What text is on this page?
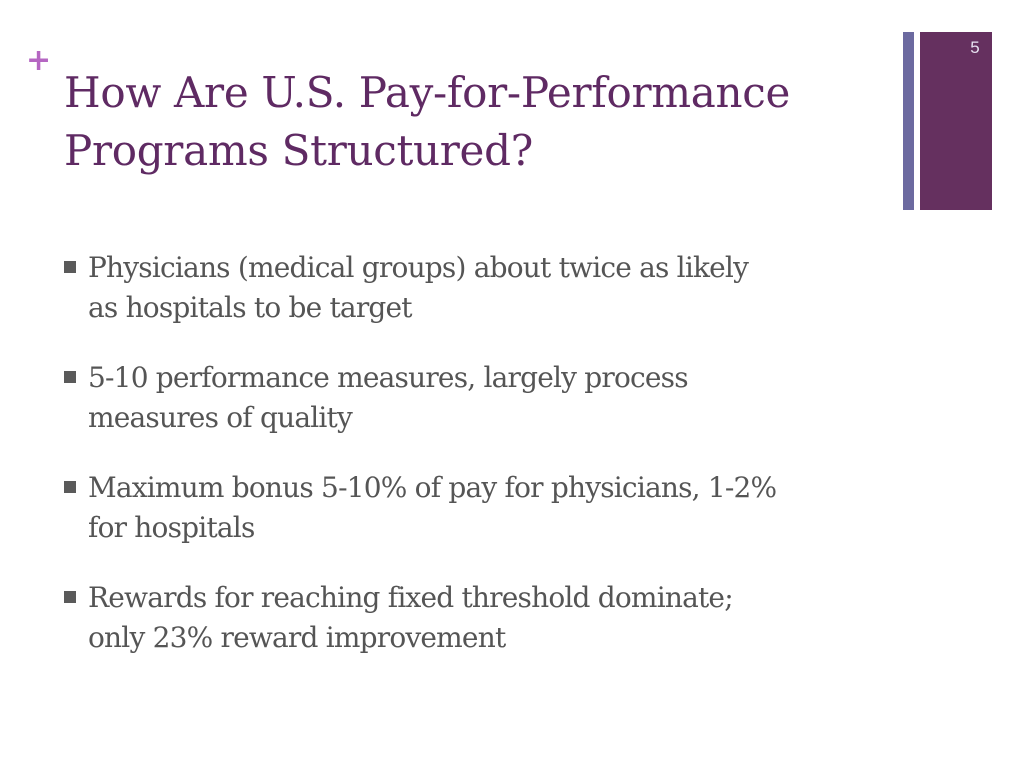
+
How Are U.S. Pay-for-Performance
Programs Structured?
5
Physicians (medical groups) about twice as likely
as hospitals to be target
5-10 performance measures, largely process
measures of quality
Maximum bonus 5-10% of pay for physicians, 1-2%
for hospitals
Rewards for reaching fixed threshold dominate;
only 23% reward improvement
